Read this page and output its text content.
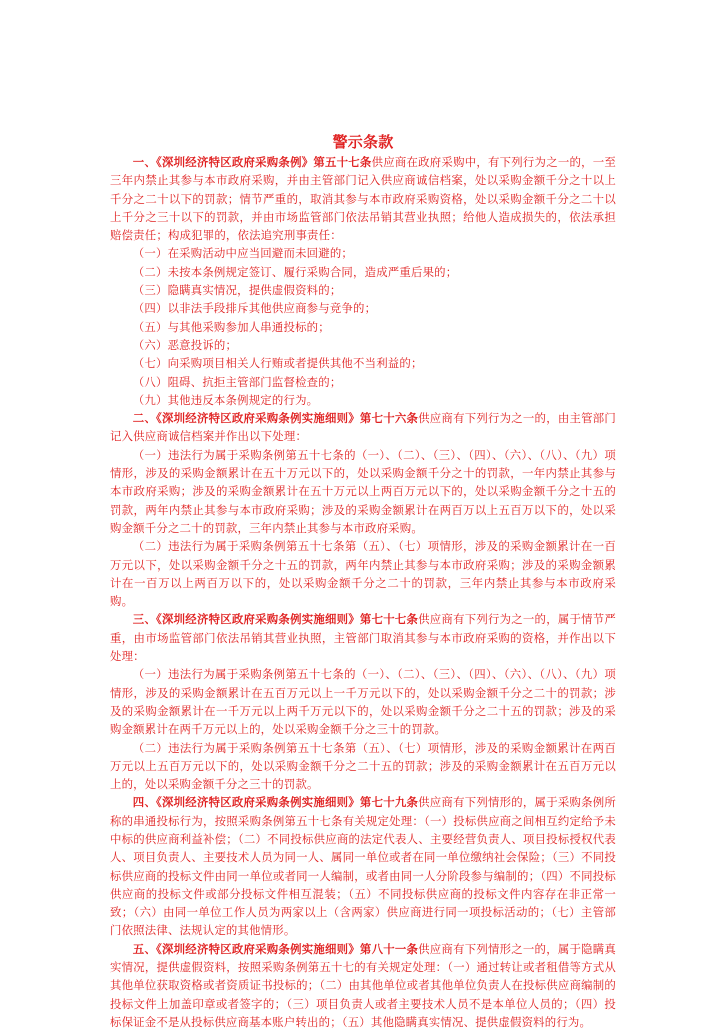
警示条款

一、《深圳经济特区政府采购条例》第五十七条供应商在政府采购中，有下列行为之一的，一至三年内禁止其参与本市政府采购，并由主管部门记入供应商诚信档案，处以采购金额千分之十以上千分之二十以下的罚款；情节严重的，取消其参与本市政府采购资格，处以采购金额千分之二十以上千分之三十以下的罚款，并由市场监管部门依法吊销其营业执照；给他人造成损失的，依法承担赔偿责任；构成犯罪的，依法追究刑事责任：

（一）在采购活动中应当回避而未回避的；

（二）未按本条例规定签订、履行采购合同，造成严重后果的；

（三）隐瞒真实情况，提供虚假资料的；

（四）以非法手段排斥其他供应商参与竞争的；

（五）与其他采购参加人串通投标的；

（六）恶意投诉的；

（七）向采购项目相关人行贿或者提供其他不当利益的；

（八）阻碍、抗拒主管部门监督检查的；

（九）其他违反本条例规定的行为。

二、《深圳经济特区政府采购条例实施细则》第七十六条供应商有下列行为之一的，由主管部门记入供应商诚信档案并作出以下处理：

（一）违法行为属于采购条例第五十七条的（一）、（二）、（三）、（四）、（六）、（八）、（九）项情形，涉及的采购金额累计在五十万元以下的，处以采购金额千分之十的罚款，一年内禁止其参与本市政府采购；涉及的采购金额累计在五十万元以上两百万元以下的，处以采购金额千分之十五的罚款，两年内禁止其参与本市政府采购；涉及的采购金额累计在两百万以上五百万以下的，处以采购金额千分之二十的罚款，三年内禁止其参与本市政府采购。

（二）违法行为属于采购条例第五十七条第（五）、（七）项情形，涉及的采购金额累计在一百万元以下，处以采购金额千分之十五的罚款，两年内禁止其参与本市政府采购；涉及的采购金额累计在一百万以上两百万以下的，处以采购金额千分之二十的罚款，三年内禁止其参与本市政府采购。

三、《深圳经济特区政府采购条例实施细则》第七十七条供应商有下列行为之一的，属于情节严重，由市场监管部门依法吊销其营业执照，主管部门取消其参与本市政府采购的资格，并作出以下处理：

（一）违法行为属于采购条例第五十七条的（一）、（二）、（三）、（四）、（六）、（八）、（九）项情形，涉及的采购金额累计在五百万元以上一千万元以下的，处以采购金额千分之二十的罚款；涉及的采购金额累计在一千万元以上两千万元以下的，处以采购金额千分之二十五的罚款；涉及的采购金额累计在两千万元以上的，处以采购金额千分之三十的罚款。

（二）违法行为属于采购条例第五十七条第（五）、（七）项情形，涉及的采购金额累计在两百万元以上五百万元以下的，处以采购金额千分之二十五的罚款；涉及的采购金额累计在五百万元以上的，处以采购金额千分之三十的罚款。

四、《深圳经济特区政府采购条例实施细则》第七十九条供应商有下列情形的，属于采购条例所称的串通投标行为，按照采购条例第五十七条有关规定处理：（一）投标供应商之间相互约定给予未中标的供应商利益补偿；（二）不同投标供应商的法定代表人、主要经营负责人、项目投标授权代表人、项目负责人、主要技术人员为同一人、属同一单位或者在同一单位缴纳社会保险；（三）不同投标供应商的投标文件由同一单位或者同一人编制，或者由同一人分阶段参与编制的；（四）不同投标供应商的投标文件或部分投标文件相互混装；（五）不同投标供应商的投标文件内容存在非正常一致；（六）由同一单位工作人员为两家以上（含两家）供应商进行同一项投标活动的；（七）主管部门依照法律、法规认定的其他情形。

五、《深圳经济特区政府采购条例实施细则》第八十一条供应商有下列情形之一的，属于隐瞒真实情况，提供虚假资料，按照采购条例第五十七的有关规定处理：（一）通过转让或者租借等方式从其他单位获取资格或者资质证书投标的；（二）由其他单位或者其他单位负责人在投标供应商编制的投标文件上加盖印章或者签字的；（三）项目负责人或者主要技术人员不是本单位人员的；（四）投标保证金不是从投标供应商基本账户转出的；（五）其他隐瞒真实情况、提供虚假资料的行为。
